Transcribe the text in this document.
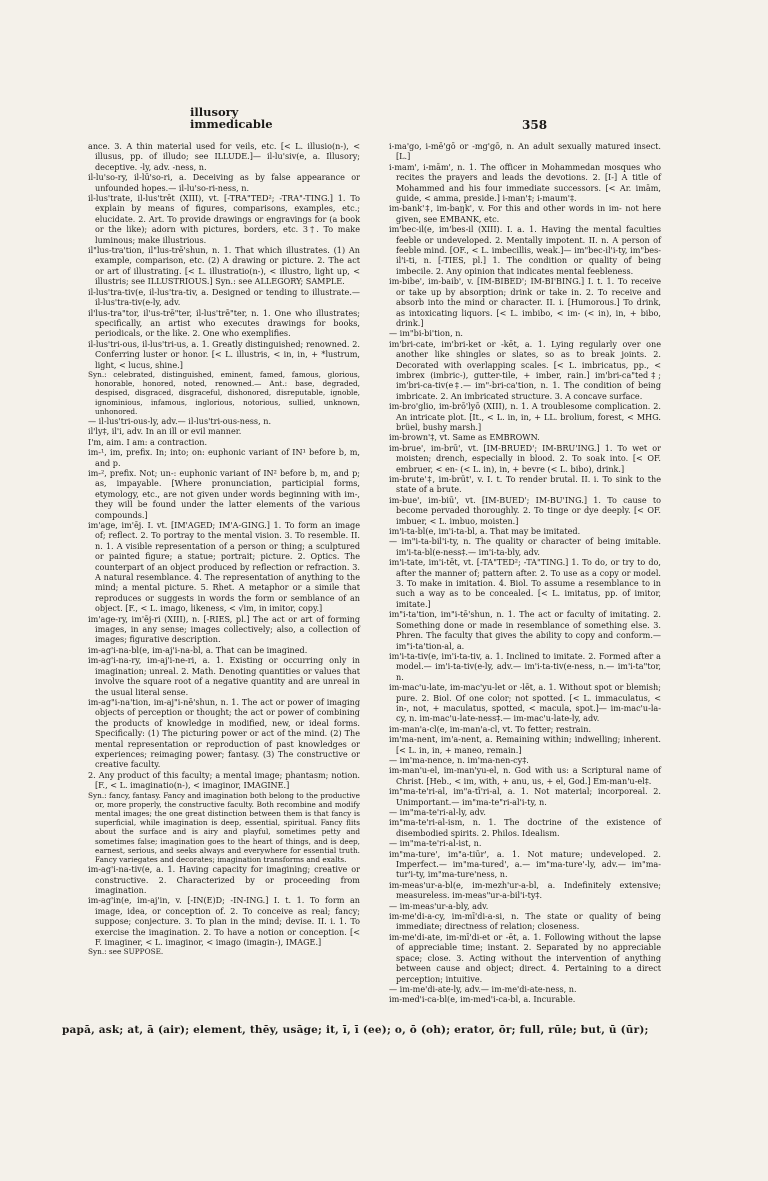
illusory
immedicable	358

ance. 3. A thin material used for veils, etc. [< L. illusio(n-), < illusus, pp. of illudo; see ILLUDE.]— il-lu'siv(e, a. Illusory; deceptive. -ly, adv. -ness, n.

il-lu'so-ry, il-lū'so-ri, a. Deceiving as by false appearance or unfounded hopes.— il-lu'so-ri-ness, n.

il-lus'trate, il-lus'trēt (XIII), vt. [-TRA"TED²; -TRA"-TING.] 1. To explain by means of figures, comparisons, examples, etc.; elucidate. 2. Art. To provide drawings or engravings for (a book or the like); adorn with pictures, borders, etc. 3†. To make luminous; make illustrious.

il"lus-tra'tion, il"lus-trē'shun, n. 1. That which illustrates. (1) An example, comparison, etc. (2) A drawing or picture. 2. The act or art of illustrating. [< L. illustratio(n-), < illustro, light up, < illustris; see ILLUSTRIOUS.] Syn.: see ALLEGORY; SAMPLE.

il-lus'tra-tiv(e, il-lus'tra-tiv, a. Designed or tending to illustrate.— il-lus'tra-tiv(e-ly, adv.

il'lus-tra"tor, il'us-trē"ter, il-lus'trē"ter, n. 1. One who illustrates; specifically, an artist who executes drawings for books, periodicals, or the like. 2. One who exemplifies.

il-lus'tri-ous, il-lus'tri-us, a. 1. Greatly distinguished; renowned. 2. Conferring luster or honor. [< L. illustris, < in, in, + *lustrum, light, < lucus, shine.]

Syn.: celebrated, distinguished, eminent, famed, famous, glorious, honorable, honored, noted, renowned.— Ant.: base, degraded, despised, disgraced, disgraceful, dishonored, disreputable, ignoble, ignominious, infamous, inglorious, notorious, sullied, unknown, unhonored.

— il-lus'tri-ous-ly, adv.— il-lus'tri-ous-ness, n.

il'ly‡, il'i, adv. In an ill or evil manner.

I'm, aim. I am: a contraction.

im-¹, im, prefix. In; into; on: euphonic variant of IN¹ before b, m, and p.

im-², prefix. Not; un-: euphonic variant of IN² before b, m, and p; as, impayable. [Where pronunciation, participial forms, etymology, etc., are not given under words beginning with im-, they will be found under the latter elements of the various compounds.]

im'age, im'ēj. I. vt. [IM'AGED; IM'A-GING.] 1. To form an image of; reflect. 2. To portray to the mental vision. 3. To resemble. II. n. 1. A visible representation of a person or thing; a sculptured or painted figure; a statue; portrait; picture. 2. Optics. The counterpart of an object produced by reflection or refraction. 3. A natural resemblance. 4. The representation of anything to the mind; a mental picture. 5. Rhet. A metaphor or a simile that reproduces or suggests in words the form or semblance of an object. [F., < L. imago, likeness, < √im, in imitor, copy.]

im'age-ry, im'ēj-ri (XIII), n. [-RIES, pl.] The act or art of forming images, in any sense; images collectively; also, a collection of images; figurative description.

im-ag'i-na-bl(e, im-aj'i-na-bl, a. That can be imagined.

im-ag'i-na-ry, im-aj'i-ne-ri, a. 1. Existing or occurring only in imagination; unreal. 2. Math. Denoting quantities or values that involve the square root of a negative quantity and are unreal in the usual literal sense.

im-ag"i-na'tion, im-aj"i-nē'shun, n. 1. The act or power of imaging objects of perception or thought; the act or power of combining the products of knowledge in modified, new, or ideal forms. Specifically: (1) The picturing power or act of the mind. (2) The mental representation or reproduction of past knowledges or experiences; reimaging power; fantasy. (3) The constructive or creative faculty.

2. Any product of this faculty; a mental image; phantasm; notion. [F., < L. imaginatio(n-), < imaginor, IMAGINE.]

Syn.: fancy, fantasy. Fancy and imagination both belong to the productive or, more properly, the constructive faculty. Both recombine and modify mental images; the one great distinction between them is that fancy is superficial, while imagination is deep, essential, spiritual. Fancy flits about the surface and is airy and playful, sometimes petty and sometimes false; imagination goes to the heart of things, and is deep, earnest, serious, and seeks always and everywhere for essential truth. Fancy variegates and decorates; imagination transforms and exalts.

im-ag'i-na-tiv(e, a. 1. Having capacity for imagining; creative or constructive. 2. Characterized by or proceeding from imagination.

im-ag'in(e, im-aj'in, v. [-IN(E)D; -IN-ING.] I. t. 1. To form an image, idea, or conception of. 2. To conceive as real; fancy; suppose; conjecture. 3. To plan in the mind; devise. II. i. 1. To exercise the imagination. 2. To have a notion or conception. [< F. imaginer, < L. imaginor, < imago (imagin-), IMAGE.]

Syn.: see SUPPOSE.

i-ma'go, i-mē'gō or -mg'gō, n. An adult sexually matured insect. [L.]

i-mam', i-mām', n. 1. The officer in Mohammedan mosques who recites the prayers and leads the devotions. 2. [I-] A title of Mohammed and his four immediate successors. [< Ar. imām, guide, < amma, preside.] i-man'‡; i-maum'‡.

im-bank'‡, im-baŋk', v. For this and other words in im- not here given, see EMBANK, etc.

im'bec-il(e, im'bes-il (XIII). I. a. 1. Having the mental faculties feeble or undeveloped. 2. Mentally impotent. II. n. A person of feeble mind. [OF., < L. imbecillis, weak.]— im"bec-il'i-ty, im"bes-il'i-ti, n. [-TIES, pl.] 1. The condition or quality of being imbecile. 2. Any opinion that indicates mental feebleness.

im-bibe', im-baib', v. [IM-BIBED'; IM-BI'BING.] I. t. 1. To receive or take up by absorption; drink or take in. 2. To receive and absorb into the mind or character. II. i. [Humorous.] To drink, as intoxicating liquors. [< L. imbibo, < im- (< in), in, + bibo, drink.]

— im"bi-bi'tion, n.

im'bri-cate, im'bri-ket or -kēt, a. 1. Lying regularly over one another like shingles or slates, so as to break joints. 2. Decorated with overlapping scales. [< L. imbricatus, pp., < imbrex (imbric-), gutter-tile, + imber, rain.] im'bri-ca"ted‡; im'bri-ca-tiv(e‡.— im"-bri-ca'tion, n. 1. The condition of being imbricate. 2. An imbricated structure. 3. A concave surface.

im-bro'glio, im-brō'lyō (XIII), n. 1. A troublesome complication. 2. An intricate plot. [It., < L. in, in, + LL. brolium, forest, < MHG. brüel, bushy marsh.]

im-brown'‡, vt. Same as EMBROWN.

im-brue', im-brū', vt. [IM-BRUED'; IM-BRU'ING.] 1. To wet or moisten; drench, especially in blood. 2. To soak into. [< OF. embruer, < en- (< L. in), in, + bevre (< L. bibo), drink.]

im-brute'‡, im-brūt', v. I. t. To render brutal. II. i. To sink to the state of a brute.

im-bue', im-biū', vt. [IM-BUED'; IM-BU'ING.] 1. To cause to become pervaded thoroughly. 2. To tinge or dye deeply. [< OF. imbuer, < L. imbuo, moisten.]

im'i-ta-bl(e, im'i-ta-bl, a. That may be imitated.

— im"i-ta-bil'i-ty, n. The quality or character of being imitable. im'i-ta-bl(e-ness‡.— im'i-ta-bly, adv.

im'i-tate, im'i-tēt, vt. [-TA"TED²; -TA"TING.] 1. To do, or try to do, after the manner of; pattern after. 2. To use as a copy or model. 3. To make in imitation. 4. Biol. To assume a resemblance to in such a way as to be concealed. [< L. imitatus, pp. of imitor, imitate.]

im"i-ta'tion, im"i-tē'shun, n. 1. The act or faculty of imitating. 2. Something done or made in resemblance of something else. 3. Phren. The faculty that gives the ability to copy and conform.— im"i-ta'tion-al, a.

im'i-ta-tiv(e, im'i-ta-tiv, a. 1. Inclined to imitate. 2. Formed after a model.— im'i-ta-tiv(e-ly, adv.— im'i-ta-tiv(e-ness, n.— im'i-ta"tor, n.

im-mac'u-late, im-mac'yu-let or -lēt, a. 1. Without spot or blemish; pure. 2. Biol. Of one color; not spotted. [< L. immaculatus, < in-, not, + maculatus, spotted, < macula, spot.]— im-mac'u-la-cy, n. im-mac'u-late-ness‡.— im-mac'u-late-ly, adv.

im-man'a-cl(e, im-man'a-cl, vt. To fetter; restrain.

im'ma-nent, im'a-nent, a. Remaining within; indwelling; inherent. [< L. in, in, + maneo, remain.]

— im'ma-nence, n. im'ma-nen-cy‡.

im-man'u-el, im-man'yu-el, n. God with us: a Scriptural name of Christ. [Heb., < im, with, + anu, us, + el, God.] Em-man'u-el‡.

im"ma-te'ri-al, im"a-tī'ri-al, a. 1. Not material; incorporeal. 2. Unimportant.— im"ma-te"ri-al'i-ty, n.

— im"ma-te'ri-al-ly, adv.

im"ma-te'ri-al-ism, n. 1. The doctrine of the existence of disembodied spirits. 2. Philos. Idealism.

— im"ma-te'ri-al-ist, n.

im"ma-ture', im"a-tiūr', a. 1. Not mature; undeveloped. 2. Imperfect.— im"ma-tured', a.— im"ma-ture'-ly, adv.— im"ma-tur'i-ty, im"ma-ture'ness, n.

im-meas'ur-a-bl(e, im-mezh'ur-a-bl, a. Indefinitely extensive; measureless. im-meas"ur-a-bil'i-ty‡.

— im-meas'ur-a-bly, adv.

im-me'di-a-cy, im-mī'di-a-si, n. The state or quality of being immediate; directness of relation; closeness.

im-me'di-ate, im-mī'di-et or -ēt, a. 1. Following without the lapse of appreciable time; instant. 2. Separated by no appreciable space; close. 3. Acting without the intervention of anything between cause and object; direct. 4. Pertaining to a direct perception; intuitive.

— im-me'di-ate-ly, adv.— im-me'di-ate-ness, n.

im-med'i-ca-bl(e, im-med'i-ca-bl, a. Incurable.

papā, ask; at, ā (air); element, thēy, usāge; it, ī, ī (ee); o, ō (oh); erator, ōr; full, rūle; but, ū (ūr);
